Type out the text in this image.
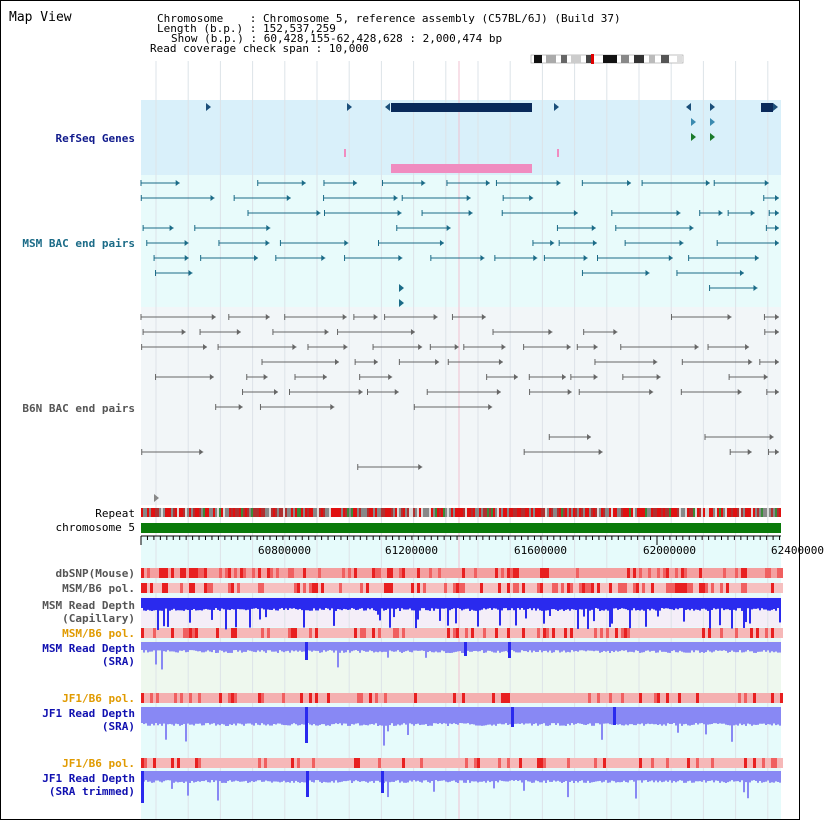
Map View	Chromosome    : Chromosome 5, reference assembly (C57BL/6J) (Build 37)
Length (b.p.) : 152,537,259
Show (b.p.) : 60,428,155-62,428,628 : 2,000,474 bp
Read coverage check span : 10,000
RefSeq Genes
MSM BAC end pairs
B6N BAC end pairs
Repeat
chromosome 5
dbSNP(Mouse)
MSM/B6 pol.
MSM Read Depth
(Capillary)
MSM/B6 pol.
MSM Read Depth
(SRA)
JF1/B6 pol.
JF1 Read Depth
(SRA)
JF1/B6 pol.
JF1 Read Depth
(SRA trimmed)
60800000	61200000	61600000	62000000	62400000
